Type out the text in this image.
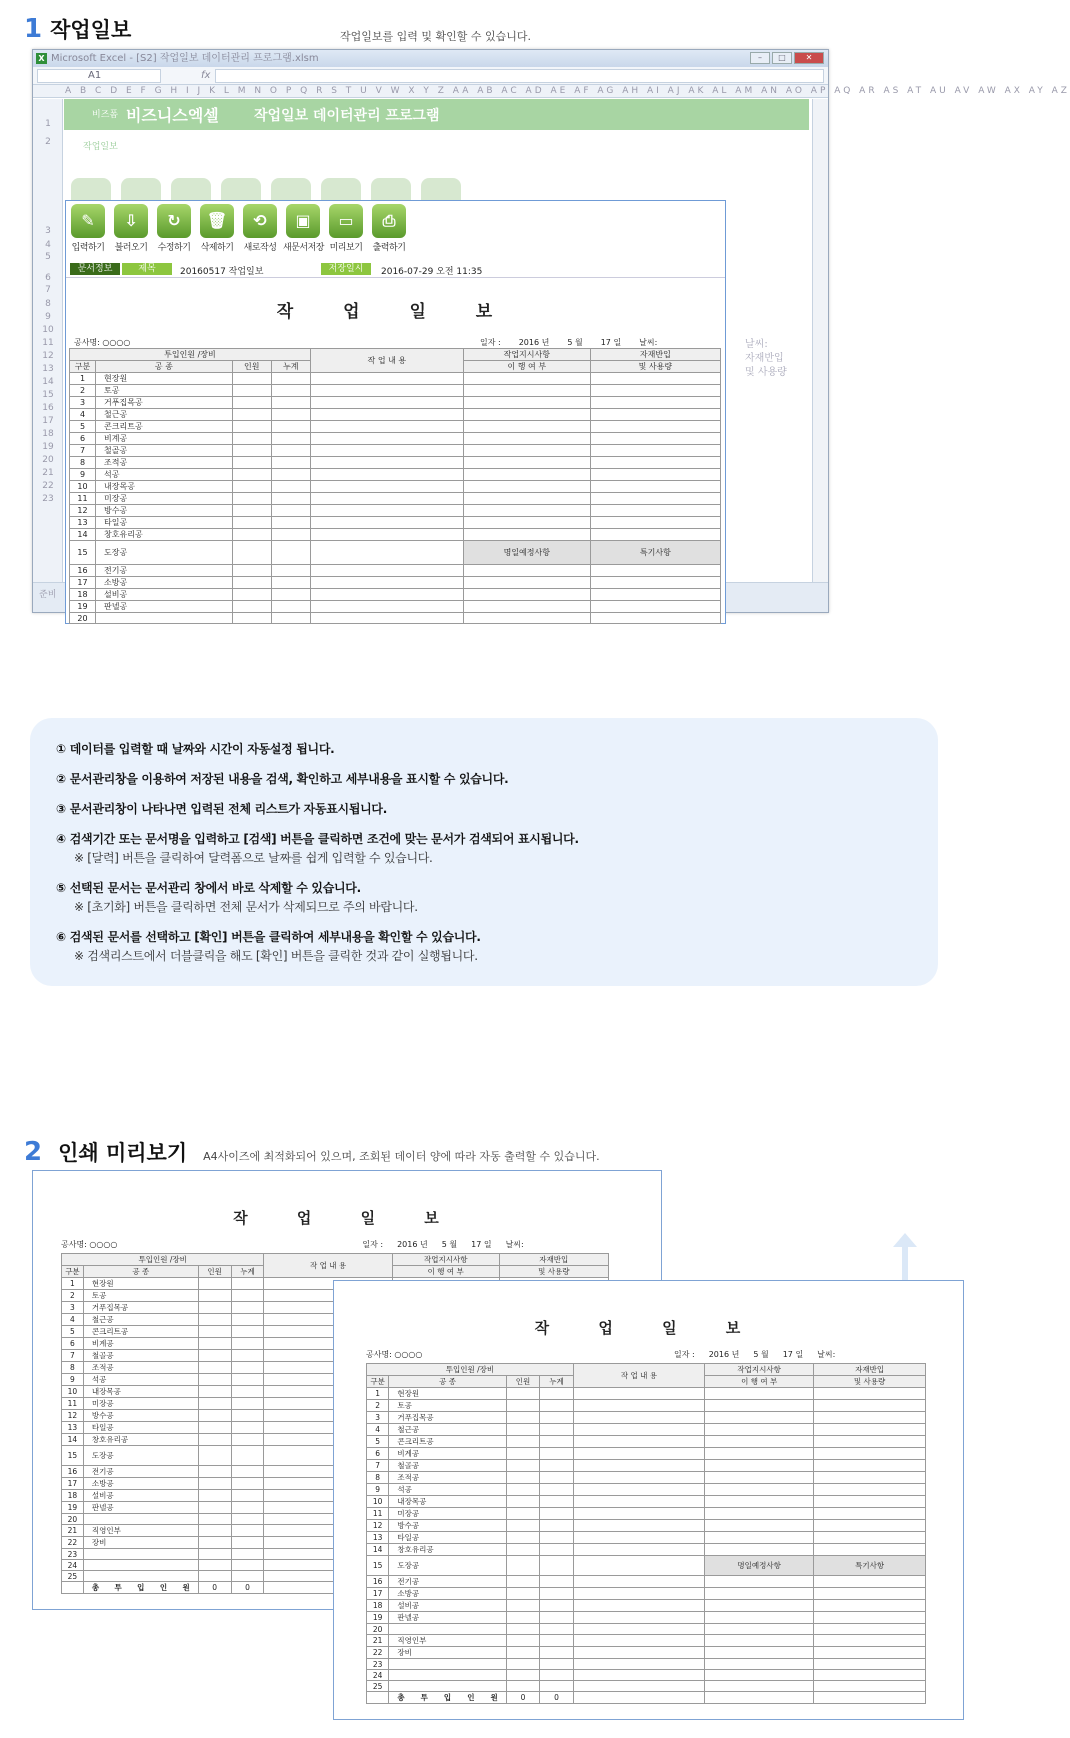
1 작업일보	작업일보를 입력 및 확인할 수 있습니다.
X Microsoft Excel - [S2] 작업일보 데이터관리 프로그램.xlsm	–	□	✕
A1	fx
A B C D E F G H I J K L M N O P Q R S T U V W X Y Z AA AB AC AD AE AF AG AH AI AJ AK AL AM AN AO AP AQ AR AS AT AU AV AW AX AY AZ
1
2
3
4
5
6
7
8
9
10
11
12
13
14
15
16
17
18
19
20
21
22
23
비즈폼 비즈니스엑셀	작업일보 데이터관리 프로그램
작업일보
날씨:
자재반입
및 사용량
준비
✎
입력하기
⇩
불러오기
↻
수정하기
🗑
삭제하기
⟲
새로작성
▣
새문서저장
▭
미리보기
⎙
출력하기
문서정보	제목	20160517 작업일보	저장일시	2016-07-29 오전 11:35
작 업 일 보
공사명: ○○○○	일자 : 2016 년 5 월 17 일 날씨:
투입인원 /장비				작 업 내 용	작업지시사항	자재반입
구분	공 종	인원	누계		이 행 여 부	및 사용량
1	현장원					
2	토공					
3	거푸집목공					
4	철근공					
5	콘크리트공					
6	비계공					
7	철골공					
8	조적공					
9	석공					
10	내장목공					
11	미장공					
12	방수공					
13	타일공					
14	창호유리공					
15	도장공				명일예정사항	특기사항
16	전기공					
17	소방공					
18	설비공					
19	판넬공					
20						
① 데이터를 입력할 때 날짜와 시간이 자동설정 됩니다.
② 문서관리창을 이용하여 저장된 내용을 검색, 확인하고 세부내용을 표시할 수 있습니다.
③ 문서관리창이 나타나면 입력된 전체 리스트가 자동표시됩니다.
④ 검색기간 또는 문서명을 입력하고 [검색] 버튼을 클릭하면 조건에 맞는 문서가 검색되어 표시됩니다.
※ [달력] 버튼을 클릭하여 달력폼으로 날짜를 쉽게 입력할 수 있습니다.
⑤ 선택된 문서는 문서관리 창에서 바로 삭제할 수 있습니다.
※ [초기화] 버튼을 클릭하면 전체 문서가 삭제되므로 주의 바랍니다.
⑥ 검색된 문서를 선택하고 [확인] 버튼을 클릭하여 세부내용을 확인할 수 있습니다.
※ 검색리스트에서 더블클릭을 해도 [확인] 버튼을 클릭한 것과 같이 실행됩니다.
2 인쇄 미리보기 A4사이즈에 최적화되어 있으며, 조회된 데이터 양에 따라 자동 출력할 수 있습니다.
작 업 일 보
공사명: ○○○○	일자 : 2016 년 5 월 17 일 날씨:
투입인원 /장비				작 업 내 용	작업지시사항	자재반입
구분	공 종	인원	누계		이 행 여 부	및 사용량
1	현장원					
2	토공					
3	거푸집목공					
4	철근공					
5	콘크리트공					
6	비계공					
7	철골공					
8	조적공					
9	석공					
10	내장목공					
11	미장공					
12	방수공					
13	타일공					
14	창호유리공					
15	도장공					
16	전기공					
17	소방공					
18	설비공					
19	판넬공					
20						
21	직영인부					
22	장비					
23						
24						
25						
	총 투 입 인 원	0	0			
작 업 일 보
공사명: ○○○○	일자 : 2016 년 5 월 17 일 날씨:
투입인원 /장비				작 업 내 용	작업지시사항	자재반입
구분	공 종	인원	누계		이 행 여 부	및 사용량
1	현장원					
2	토공					
3	거푸집목공					
4	철근공					
5	콘크리트공					
6	비계공					
7	철골공					
8	조적공					
9	석공					
10	내장목공					
11	미장공					
12	방수공					
13	타일공					
14	창호유리공					
15	도장공				명일예정사항	특기사항
16	전기공					
17	소방공					
18	설비공					
19	판넬공					
20						
21	직영인부					
22	장비					
23						
24						
25						
	총 투 입 인 원	0	0			
